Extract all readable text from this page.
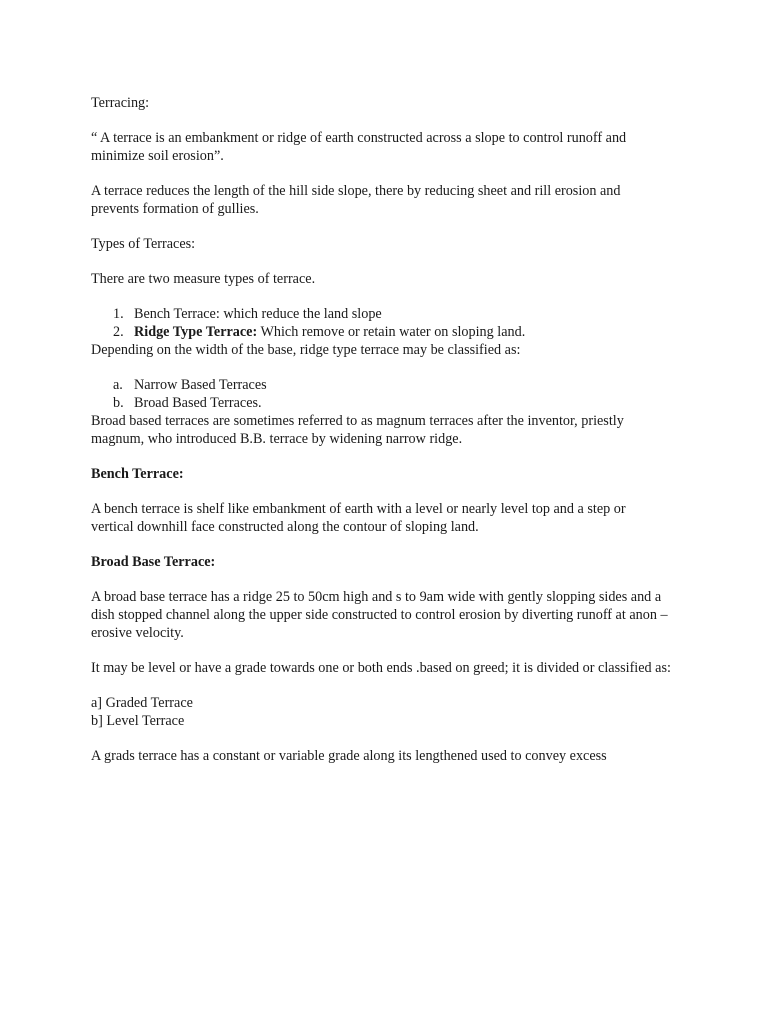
Terracing:

“ A terrace is an embankment or ridge of earth constructed across a slope to control runoff and minimize soil erosion”.

A terrace reduces the length of the hill side slope, there by reducing sheet and rill erosion and prevents formation of gullies.

Types of Terraces:

There are two measure types of terrace.

1. Bench Terrace: which reduce the land slope
2. Ridge Type Terrace: Which remove or retain water on sloping land.

Depending on the width of the base, ridge type terrace may be classified as:

a. Narrow Based Terraces
b. Broad Based Terraces.

Broad based terraces are sometimes referred to as magnum terraces after the inventor, priestly magnum, who introduced B.B. terrace by widening narrow ridge.

Bench Terrace:

A bench terrace is shelf like embankment of earth with a level or nearly level top and a step or vertical downhill face constructed along the contour of sloping land.

Broad Base Terrace:

A broad base terrace has a ridge 25 to 50cm high and s to 9am wide with gently slopping sides and a dish stopped channel along the upper side constructed to control erosion by diverting runoff at anon –erosive velocity.

It may be level or have a grade towards one or both ends .based on greed; it is divided or classified as:

a] Graded Terrace

b] Level Terrace

A grads terrace has a constant or variable grade along its lengthened used to convey excess
